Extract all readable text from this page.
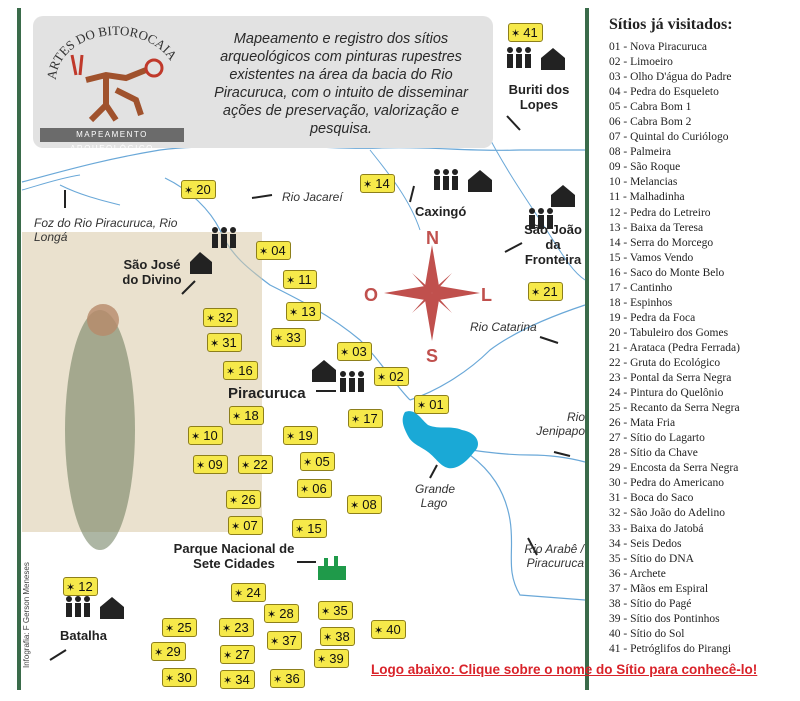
ARTES DO BITOROCAIA
MAPEAMENTO ARQUEOLÓGICO
Mapeamento e registro dos sítios arqueológicos com pinturas rupestres existentes na área da bacia do Rio Piracuruca, com o intuito de disseminar ações de preservação, valorização e pesquisa.
N
S
O	L
Buriti dos Lopes
Caxingó
São João da Fronteira
São José do Divino
Piracuruca
Parque Nacional de Sete Cidades
Batalha
Foz do Rio Piracuruca, Rio Longá
Rio Jacareí
Rio Catarina
Rio Jenipapo
Grande Lago
Rio Arabê / Piracuruca
✶ 41
✶ 20	✶ 14
✶ 04
✶ 11
✶ 21
✶ 13
✶ 32
✶ 33
✶ 31
✶ 03
✶ 16	✶ 02
✶ 01
✶ 18	✶ 17
✶ 10	✶ 19
✶ 09	✶ 22	✶ 05
✶ 06
✶ 26	✶ 08
✶ 07	✶ 15
✶ 12	✶ 24
✶ 35
✶ 28
✶ 25	✶ 23
✶ 37	✶ 38	✶ 40
✶ 29	✶ 27	✶ 39
✶ 30	✶ 34	✶ 36
Infografia: F Gerson Meneses
Sítios já visitados:
01 - Nova Piracuruca
02 - Limoeiro
03 - Olho D'água do Padre
04 - Pedra do Esqueleto
05 - Cabra Bom 1
06 - Cabra Bom 2
07 - Quintal do Curiólogo
08 - Palmeira
09 - São Roque
10 - Melancias
11 - Malhadinha
12 - Pedra do Letreiro
13 - Baixa da Teresa
14 - Serra do Morcego
15 - Vamos Vendo
16 - Saco do Monte Belo
17 - Cantinho
18 - Espinhos
19 - Pedra da Foca
20 - Tabuleiro dos Gomes
21 - Arataca (Pedra Ferrada)
22 - Gruta do Ecológico
23 - Pontal da Serra Negra
24 - Pintura do Quelônio
25 - Recanto da Serra Negra
26 - Mata Fria
27 - Sítio do Lagarto
28 - Sítio da Chave
29 - Encosta da Serra Negra
30 - Pedra do Americano
31 - Boca do Saco
32 - São João do Adelino
33 - Baixa do Jatobá
34 - Seis Dedos
35 - Sítio do DNA
36 - Archete
37 - Mãos em Espiral
38 - Sítio do Pagé
39 - Sítio dos Pontinhos
40 - Sítio do Sol
41 - Petróglifos do Pirangi
Logo abaixo: Clique sobre o nome do Sítio para conhecê-lo!
